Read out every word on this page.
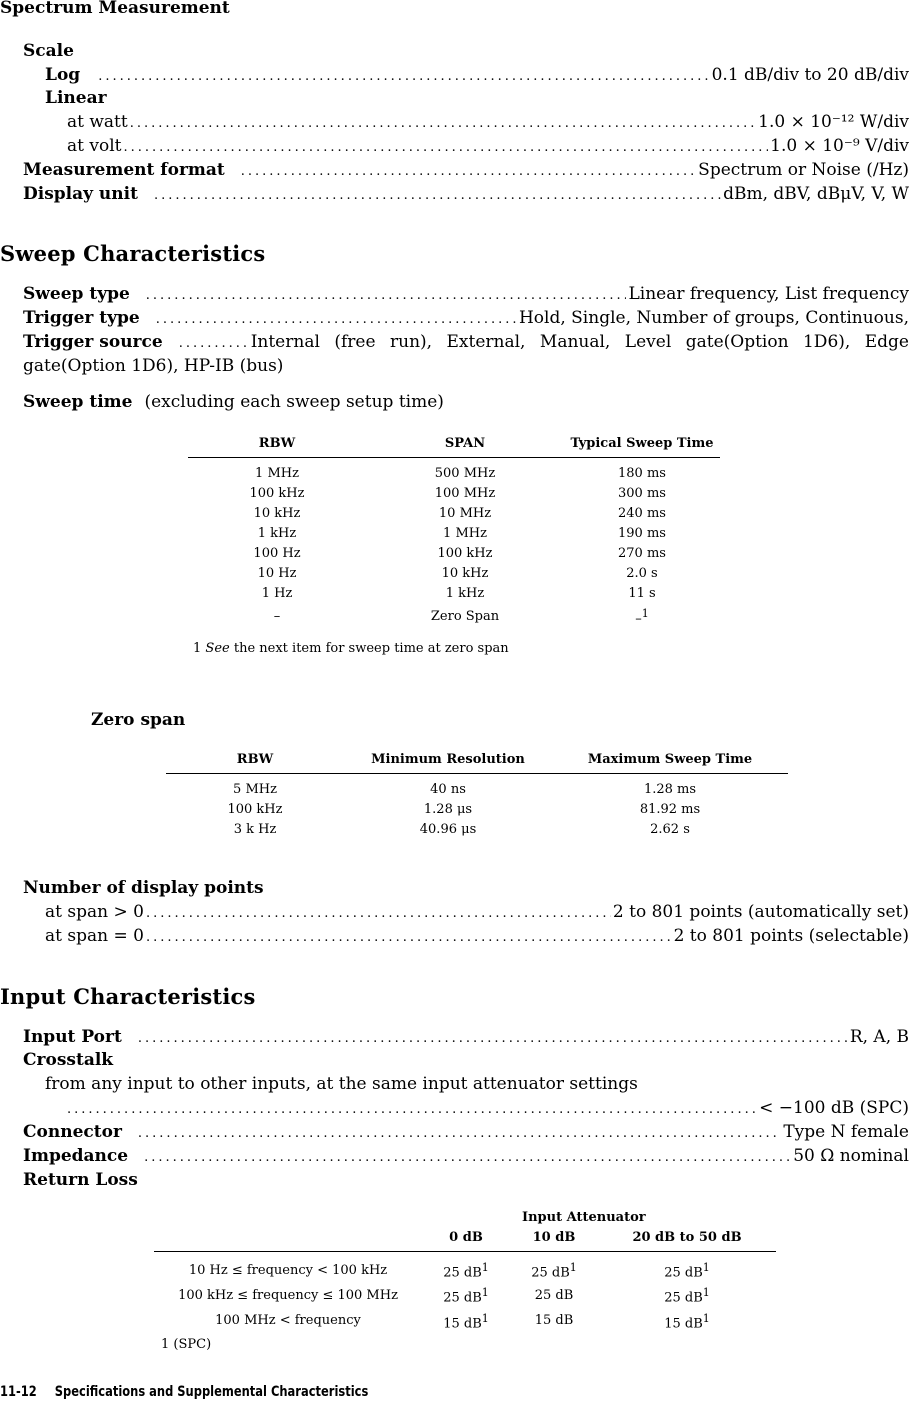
Spectrum Measurement
Scale
Log .....	0.1 dB/div to 20 dB/div
Linear
at watt .....	1.0 × 10⁻¹² W/div
at volt .....	1.0 × 10⁻⁹ V/div
Measurement format .....	Spectrum or Noise (/Hz)
Display unit .....	dBm, dBV, dBμV, V, W
Sweep Characteristics
Sweep type .....	Linear frequency, List frequency
Trigger type .....	Hold, Single, Number of groups, Continuous,
Trigger source .....	Internal (free run), External, Manual, Level gate(Option 1D6), Edge
gate(Option 1D6), HP-IB (bus)
Sweep time (excluding each sweep setup time)
RBW	SPAN	Typical Sweep Time
1 MHz	500 MHz	180 ms
100 kHz	100 MHz	300 ms
10 kHz	10 MHz	240 ms
1 kHz	1 MHz	190 ms
100 Hz	100 kHz	270 ms
10 Hz	10 kHz	2.0 s
1 Hz	1 kHz	11 s
–	Zero Span	–$^1$
1 See the next item for sweep time at zero span
Zero span
RBW	Minimum Resolution	Maximum Sweep Time
5 MHz	40 ns	1.28 ms
100 kHz	1.28 μs	81.92 ms
3 k Hz	40.96 μs	2.62 s
Number of display points
at span > 0 .....	2 to 801 points (automatically set)
at span = 0 .....	2 to 801 points (selectable)
Input Characteristics
Input Port .....	R, A, B
Crosstalk
from any input to other inputs, at the same input attenuator settings
.....
< −100 dB (SPC)
Connector .....	Type N female
Impedance .....	50 Ω nominal
Return Loss
Input Attenuator
	0 dB	10 dB	20 dB to 50 dB
10 Hz ≤ frequency < 100 kHz	25 $dB^1$	25 $dB^1$	25 $dB^1$
100 kHz ≤ frequency ≤ 100 MHz	25 $dB^1$	25 dB	25 $dB^1$
100 MHz < frequency	15 $dB^1$	15 dB	15 $dB^1$
1 (SPC)
11-12 Specifications and Supplemental Characteristics
